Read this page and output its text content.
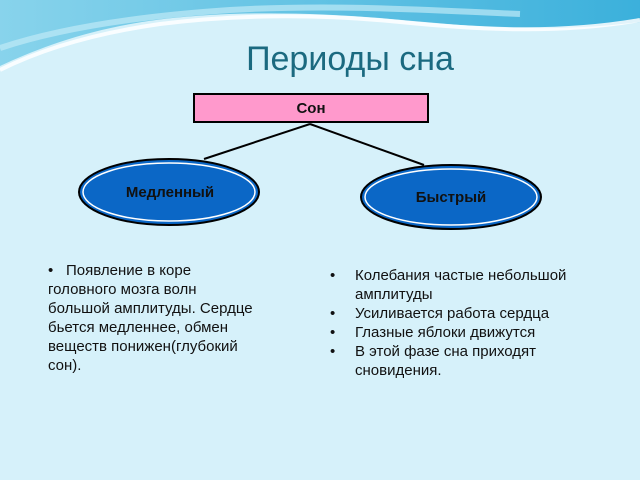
Периоды сна
Сон
Медленный	Быстрый
• Появление в коре головного мозга волн большой амплитуды. Сердце бьется медленнее, обмен веществ понижен(глубокий сон).
• Колебания частые небольшой амплитуды
• Усиливается работа сердца
• Глазные яблоки движутся
• В этой фазе сна приходят сновидения.
